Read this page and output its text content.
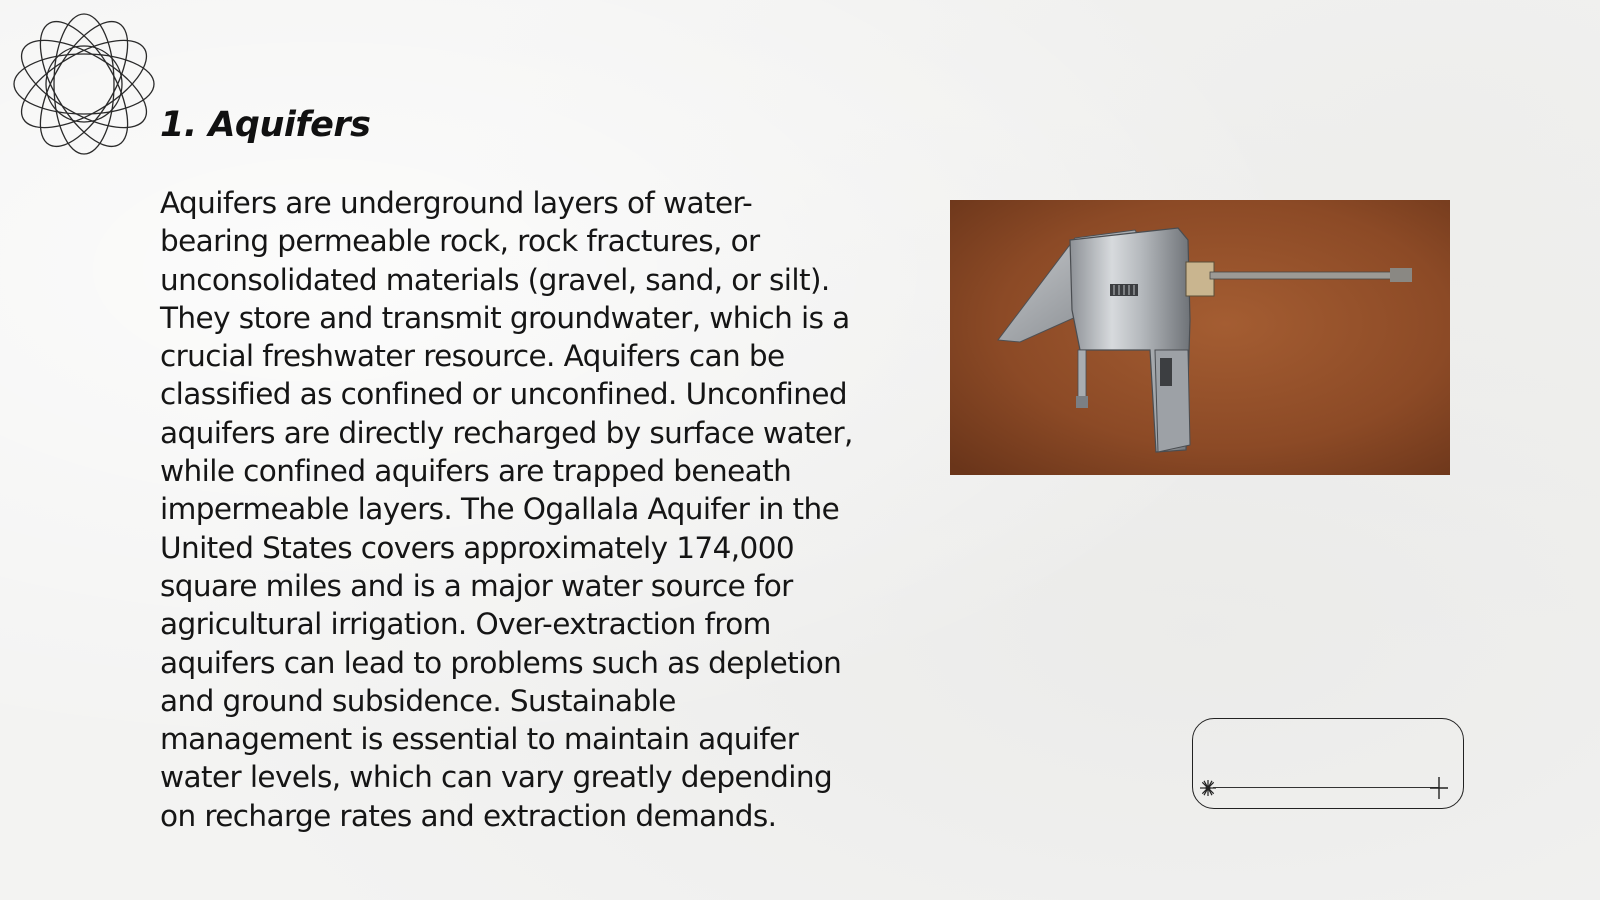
1. Aquifers

Aquifers are underground layers of water-bearing permeable rock, rock fractures, or unconsolidated materials (gravel, sand, or silt). They store and transmit groundwater, which is a crucial freshwater resource. Aquifers can be classified as confined or unconfined. Unconfined aquifers are directly recharged by surface water, while confined aquifers are trapped beneath impermeable layers. The Ogallala Aquifer in the United States covers approximately 174,000 square miles and is a major water source for agricultural irrigation. Over-extraction from aquifers can lead to problems such as depletion and ground subsidence. Sustainable management is essential to maintain aquifer water levels, which can vary greatly depending on recharge rates and extraction demands.
